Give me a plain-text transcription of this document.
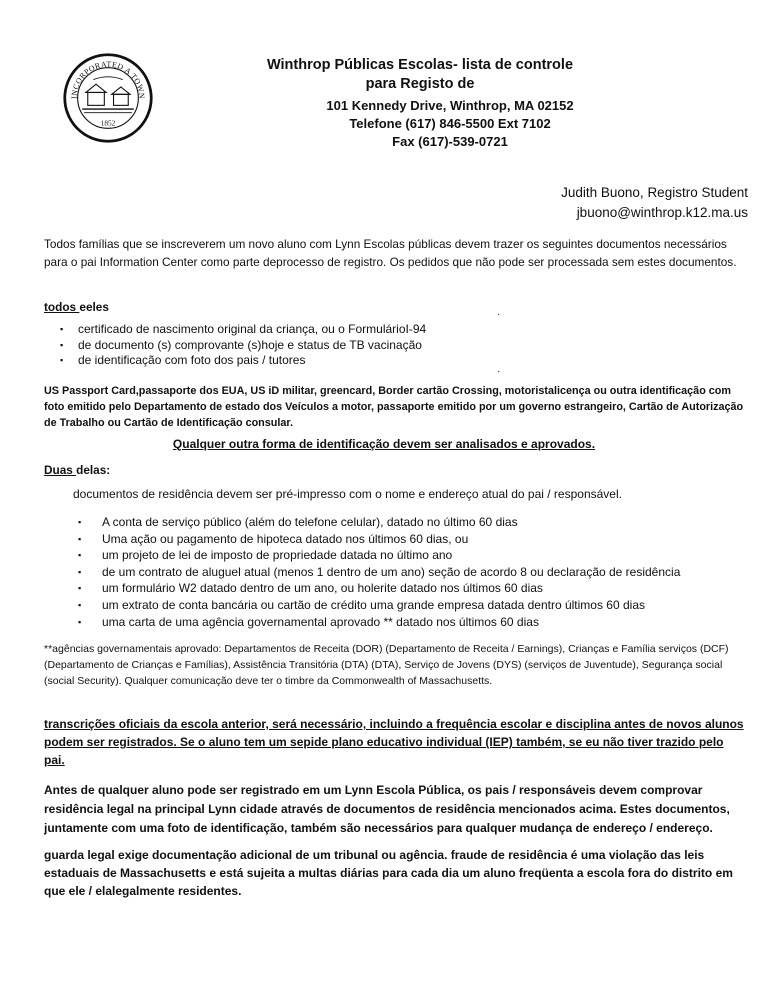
INCORPORATED A TOWN
1852
Winthrop Públicas Escolas- lista de controle
para Registo de
101 Kennedy Drive, Winthrop, MA 02152
Telefone (617) 846-5500 Ext 7102
Fax (617)-539-0721
Judith Buono, Registro Student
jbuono@winthrop.k12.ma.us
Todos famílias que se inscreverem um novo aluno com Lynn Escolas públicas devem trazer os seguintes documentos necessários para o pai Information Center como parte deprocesso de registro. Os pedidos que não pode ser processada sem estes documentos.
todos eeles
·
▪ certificado de nascimento original da criança, ou o FormulárioI-94
▪ de documento (s) comprovante (s)hoje e status de TB vacinação
▪ de identificação com foto dos pais / tutores
·
US Passport Card,passaporte dos EUA, US iD militar, greencard, Border cartão Crossing, motoristalicença ou outra identificação com foto emitido pelo Departamento de estado dos Veículos a motor, passaporte emitido por um governo estrangeiro, Cartão de Autorização de Trabalho ou Cartão de Identificação consular.
Qualquer outra forma de identificação devem ser analisados e aprovados.
Duas delas:
documentos de residência devem ser pré-impresso com o nome e endereço atual do pai / responsável.
▪ A conta de serviço público (além do telefone celular), datado no último 60 dias
▪ Uma ação ou pagamento de hipoteca datado nos últimos 60 dias, ou
▪ um projeto de lei de imposto de propriedade datada no último ano
▪ de um contrato de aluguel atual (menos 1 dentro de um ano) seção de acordo 8 ou declaração de residência
▪ um formulário W2 datado dentro de um ano, ou holerite datado nos últimos 60 dias
▪ um extrato de conta bancária ou cartão de crédito uma grande empresa datada dentro últimos 60 dias
▪ uma carta de uma agência governamental aprovado ** datado nos últimos 60 dias
**agências governamentais aprovado: Departamentos de Receita (DOR) (Departamento de Receita / Earnings), Crianças e Família serviços (DCF) (Departamento de Crianças e Famílias), Assistência Transitória (DTA) (DTA), Serviço de Jovens (DYS) (serviços de Juventude), Segurança social (social Security). Qualquer comunicação deve ter o timbre da Commonwealth of Massachusetts.
transcrições oficiais da escola anterior, será necessário, incluindo a frequência escolar e disciplina antes de novos alunos podem ser registrados. Se o aluno tem um sepide plano educativo individual (IEP) também, se eu não tiver trazido pelo pai.
Antes de qualquer aluno pode ser registrado em um Lynn Escola Pública, os pais / responsáveis devem comprovar residência legal na principal Lynn cidade através de documentos de residência mencionados acima. Estes documentos, juntamente com uma foto de identificação, também são necessários para qualquer mudança de endereço / endereço.
guarda legal exige documentação adicional de um tribunal ou agência. fraude de residência é uma violação das leis estaduais de Massachusetts e está sujeita a multas diárias para cada dia um aluno freqüenta a escola fora do distrito em que ele / elalegalmente residentes.
